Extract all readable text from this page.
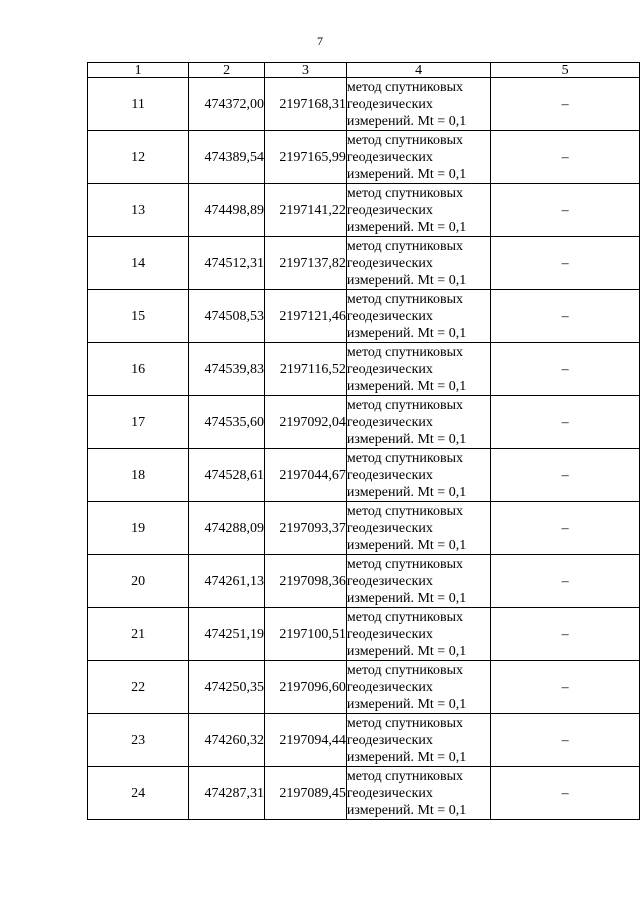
7
1	2	3	4	5
11	474372,00	2197168,31	метод спутниковых
геодезических
измерений. Mt = 0,1	–
12	474389,54	2197165,99	метод спутниковых
геодезических
измерений. Mt = 0,1	–
13	474498,89	2197141,22	метод спутниковых
геодезических
измерений. Mt = 0,1	–
14	474512,31	2197137,82	метод спутниковых
геодезических
измерений. Mt = 0,1	–
15	474508,53	2197121,46	метод спутниковых
геодезических
измерений. Mt = 0,1	–
16	474539,83	2197116,52	метод спутниковых
геодезических
измерений. Mt = 0,1	–
17	474535,60	2197092,04	метод спутниковых
геодезических
измерений. Mt = 0,1	–
18	474528,61	2197044,67	метод спутниковых
геодезических
измерений. Mt = 0,1	–
19	474288,09	2197093,37	метод спутниковых
геодезических
измерений. Mt = 0,1	–
20	474261,13	2197098,36	метод спутниковых
геодезических
измерений. Mt = 0,1	–
21	474251,19	2197100,51	метод спутниковых
геодезических
измерений. Mt = 0,1	–
22	474250,35	2197096,60	метод спутниковых
геодезических
измерений. Mt = 0,1	–
23	474260,32	2197094,44	метод спутниковых
геодезических
измерений. Mt = 0,1	–
24	474287,31	2197089,45	метод спутниковых
геодезических
измерений. Mt = 0,1	–
